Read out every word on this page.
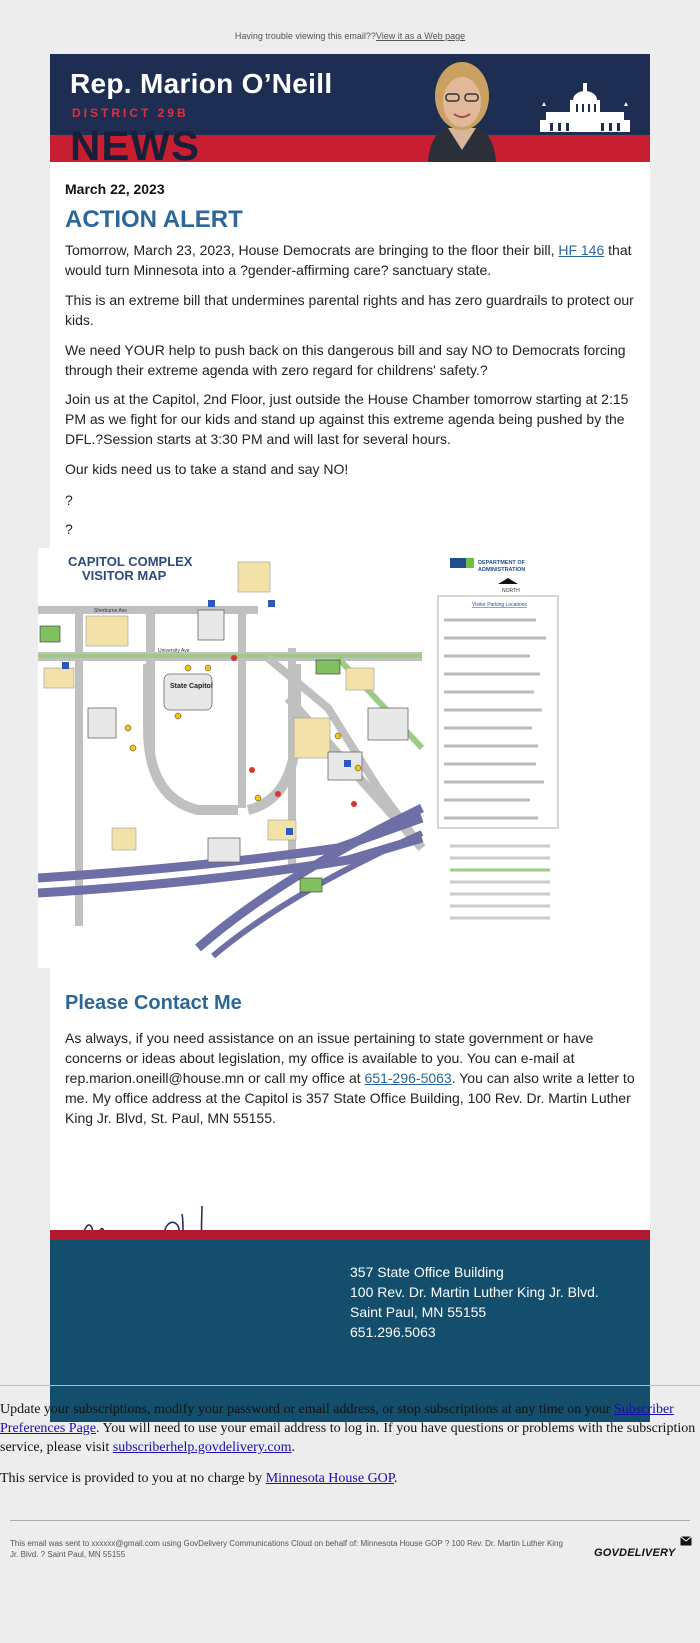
Having trouble viewing this email??View it as a Web page
Rep. Marion O’Neill
DISTRICT 29B
NEWS
March 22, 2023
ACTION ALERT

Tomorrow, March 23, 2023, House Democrats are bringing to the floor their bill, HF 146 that would turn Minnesota into a ?gender-affirming care? sanctuary state.

This is an extreme bill that undermines parental rights and has zero guardrails to protect our kids.

We need YOUR help to push back on this dangerous bill and say NO to Democrats forcing through their extreme agenda with zero regard for childrens' safety.?

Join us at the Capitol, 2nd Floor, just outside the House Chamber tomorrow starting at 2:15 PM as we fight for our kids and stand up against this extreme agenda being pushed by the DFL.?Session starts at 3:30 PM and will last for several hours.

Our kids need us to take a stand and say NO!

?

?

Please Contact Me

As always, if you need assistance on an issue pertaining to state government or have concerns or ideas about legislation, my office is available to you. You can e-mail at rep.marion.oneill@house.mn or call my office at 651-296-5063. You can also write a letter to me. My office address at the Capitol is 357 State Office Building, 100 Rev. Dr. Martin Luther King Jr. Blvd, St. Paul, MN 55155.

357 State Office Building
100 Rev. Dr. Martin Luther King Jr. Blvd.
Saint Paul, MN 55155
651.296.5063
CAPITOL COMPLEX
VISITOR MAP
DEPARTMENT OF
ADMINISTRATION
NORTH
State Capitol
University Ave
Sherburne Ave
Visitor Parking Locations
Update your subscriptions, modify your password or email address, or stop subscriptions at any time on your Subscriber Preferences Page. You will need to use your email address to log in. If you have questions or problems with the subscription service, please visit subscriberhelp.govdelivery.com.
This service is provided to you at no charge by Minnesota House GOP.
This email was sent to xxxxxx@gmail.com using GovDelivery Communications Cloud on behalf of: Minnesota House GOP ? 100 Rev. Dr. Martin Luther King Jr. Blvd. ? Saint Paul, MN 55155	GOVDELIVERY
